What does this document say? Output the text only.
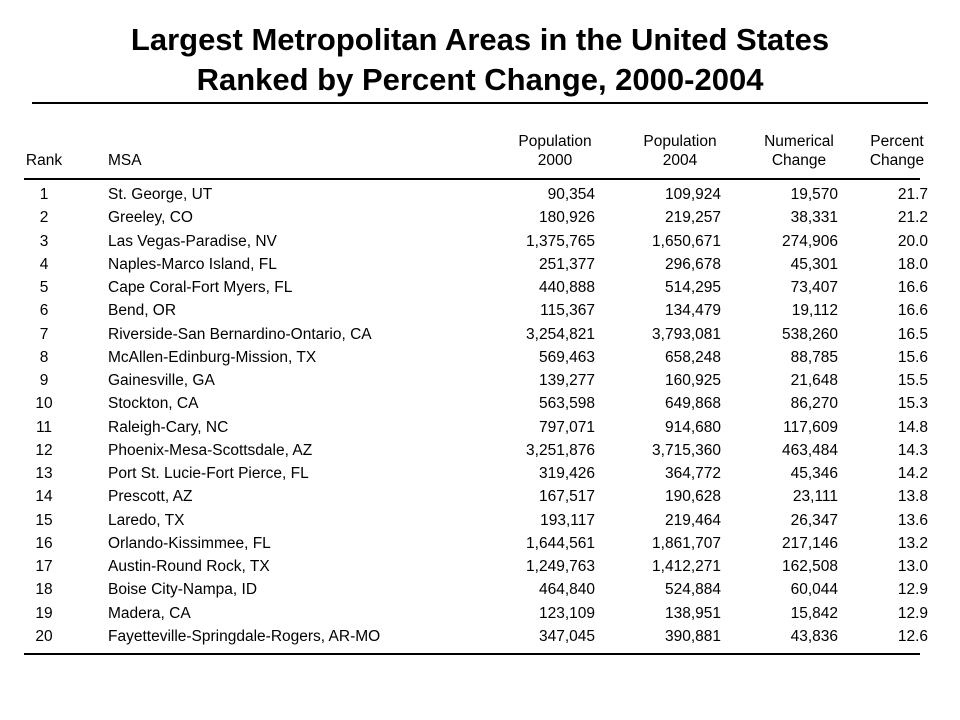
Largest Metropolitan Areas in the United States
Ranked by Percent Change, 2000-2004
Population	Population	Numerical	Percent
Rank	MSA	2000	2004	Change	Change
1	St. George, UT	90,354	109,924	19,570	21.7
2	Greeley, CO	180,926	219,257	38,331	21.2
3	Las Vegas-Paradise, NV	1,375,765	1,650,671	274,906	20.0
4	Naples-Marco Island, FL	251,377	296,678	45,301	18.0
5	Cape Coral-Fort Myers, FL	440,888	514,295	73,407	16.6
6	Bend, OR	115,367	134,479	19,112	16.6
7	Riverside-San Bernardino-Ontario, CA	3,254,821	3,793,081	538,260	16.5
8	McAllen-Edinburg-Mission, TX	569,463	658,248	88,785	15.6
9	Gainesville, GA	139,277	160,925	21,648	15.5
10	Stockton, CA	563,598	649,868	86,270	15.3
11	Raleigh-Cary, NC	797,071	914,680	117,609	14.8
12	Phoenix-Mesa-Scottsdale, AZ	3,251,876	3,715,360	463,484	14.3
13	Port St. Lucie-Fort Pierce, FL	319,426	364,772	45,346	14.2
14	Prescott, AZ	167,517	190,628	23,111	13.8
15	Laredo, TX	193,117	219,464	26,347	13.6
16	Orlando-Kissimmee, FL	1,644,561	1,861,707	217,146	13.2
17	Austin-Round Rock, TX	1,249,763	1,412,271	162,508	13.0
18	Boise City-Nampa, ID	464,840	524,884	60,044	12.9
19	Madera, CA	123,109	138,951	15,842	12.9
20	Fayetteville-Springdale-Rogers, AR-MO	347,045	390,881	43,836	12.6
